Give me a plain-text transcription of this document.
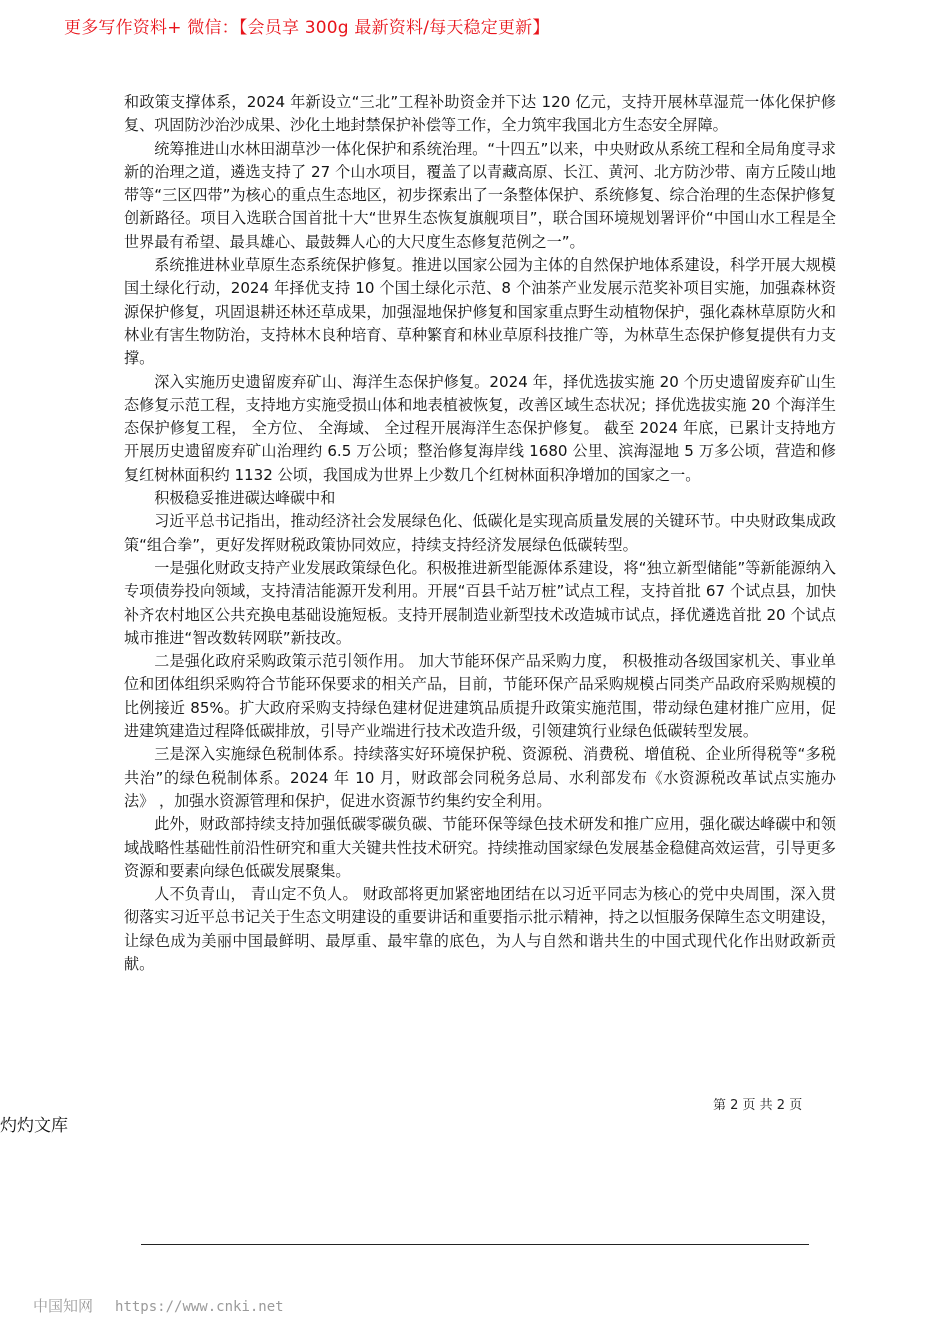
更多写作资料+ 微信：【会员享 300g 最新资料/每天稳定更新】

和政策支撑体系，2024 年新设立“三北”工程补助资金并下达 120 亿元，支持开展林草湿荒一体化保护修复、巩固防沙治沙成果、沙化土地封禁保护补偿等工作，全力筑牢我国北方生态安全屏障。

统筹推进山水林田湖草沙一体化保护和系统治理。“十四五”以来，中央财政从系统工程和全局角度寻求新的治理之道，遴选支持了 27 个山水项目，覆盖了以青藏高原、长江、黄河、北方防沙带、南方丘陵山地带等“三区四带”为核心的重点生态地区，初步探索出了一条整体保护、系统修复、综合治理的生态保护修复创新路径。项目入选联合国首批十大“世界生态恢复旗舰项目”，联合国环境规划署评价“中国山水工程是全世界最有希望、最具雄心、最鼓舞人心的大尺度生态修复范例之一”。

系统推进林业草原生态系统保护修复。推进以国家公园为主体的自然保护地体系建设，科学开展大规模国土绿化行动，2024 年择优支持 10 个国土绿化示范、8 个油茶产业发展示范奖补项目实施，加强森林资源保护修复，巩固退耕还林还草成果，加强湿地保护修复和国家重点野生动植物保护，强化森林草原防火和林业有害生物防治，支持林木良种培育、草种繁育和林业草原科技推广等，为林草生态保护修复提供有力支撑。

深入实施历史遗留废弃矿山、海洋生态保护修复。2024 年，择优选拔实施 20 个历史遗留废弃矿山生态修复示范工程，支持地方实施受损山体和地表植被恢复，改善区域生态状况；择优选拔实施 20 个海洋生态保护修复工程， 全方位、 全海域、 全过程开展海洋生态保护修复。 截至 2024 年底，已累计支持地方开展历史遗留废弃矿山治理约 6.5 万公顷；整治修复海岸线 1680 公里、滨海湿地 5 万多公顷，营造和修复红树林面积约 1132 公顷，我国成为世界上少数几个红树林面积净增加的国家之一。

积极稳妥推进碳达峰碳中和

习近平总书记指出，推动经济社会发展绿色化、低碳化是实现高质量发展的关键环节。中央财政集成政策“组合拳”，更好发挥财税政策协同效应，持续支持经济发展绿色低碳转型。

一是强化财政支持产业发展政策绿色化。积极推进新型能源体系建设，将“独立新型储能”等新能源纳入专项债券投向领域，支持清洁能源开发利用。开展“百县千站万桩”试点工程，支持首批 67 个试点县，加快补齐农村地区公共充换电基础设施短板。支持开展制造业新型技术改造城市试点，择优遴选首批 20 个试点城市推进“智改数转网联”新技改。

二是强化政府采购政策示范引领作用。 加大节能环保产品采购力度， 积极推动各级国家机关、事业单位和团体组织采购符合节能环保要求的相关产品，目前，节能环保产品采购规模占同类产品政府采购规模的比例接近 85%。扩大政府采购支持绿色建材促进建筑品质提升政策实施范围，带动绿色建材推广应用，促进建筑建造过程降低碳排放，引导产业端进行技术改造升级，引领建筑行业绿色低碳转型发展。

三是深入实施绿色税制体系。持续落实好环境保护税、资源税、消费税、增值税、企业所得税等“多税共治”的绿色税制体系。2024 年 10 月，财政部会同税务总局、水利部发布《水资源税改革试点实施办法》 ，加强水资源管理和保护，促进水资源节约集约安全利用。

此外，财政部持续支持加强低碳零碳负碳、节能环保等绿色技术研发和推广应用，强化碳达峰碳中和领域战略性基础性前沿性研究和重大关键共性技术研究。持续推动国家绿色发展基金稳健高效运营，引导更多资源和要素向绿色低碳发展聚集。

人不负青山， 青山定不负人。 财政部将更加紧密地团结在以习近平同志为核心的党中央周围，深入贯彻落实习近平总书记关于生态文明建设的重要讲话和重要指示批示精神，持之以恒服务保障生态文明建设，让绿色成为美丽中国最鲜明、最厚重、最牢靠的底色，为人与自然和谐共生的中国式现代化作出财政新贡献。

第 2 页 共 2 页
灼灼文库
中国知网 https://www.cnki.net
